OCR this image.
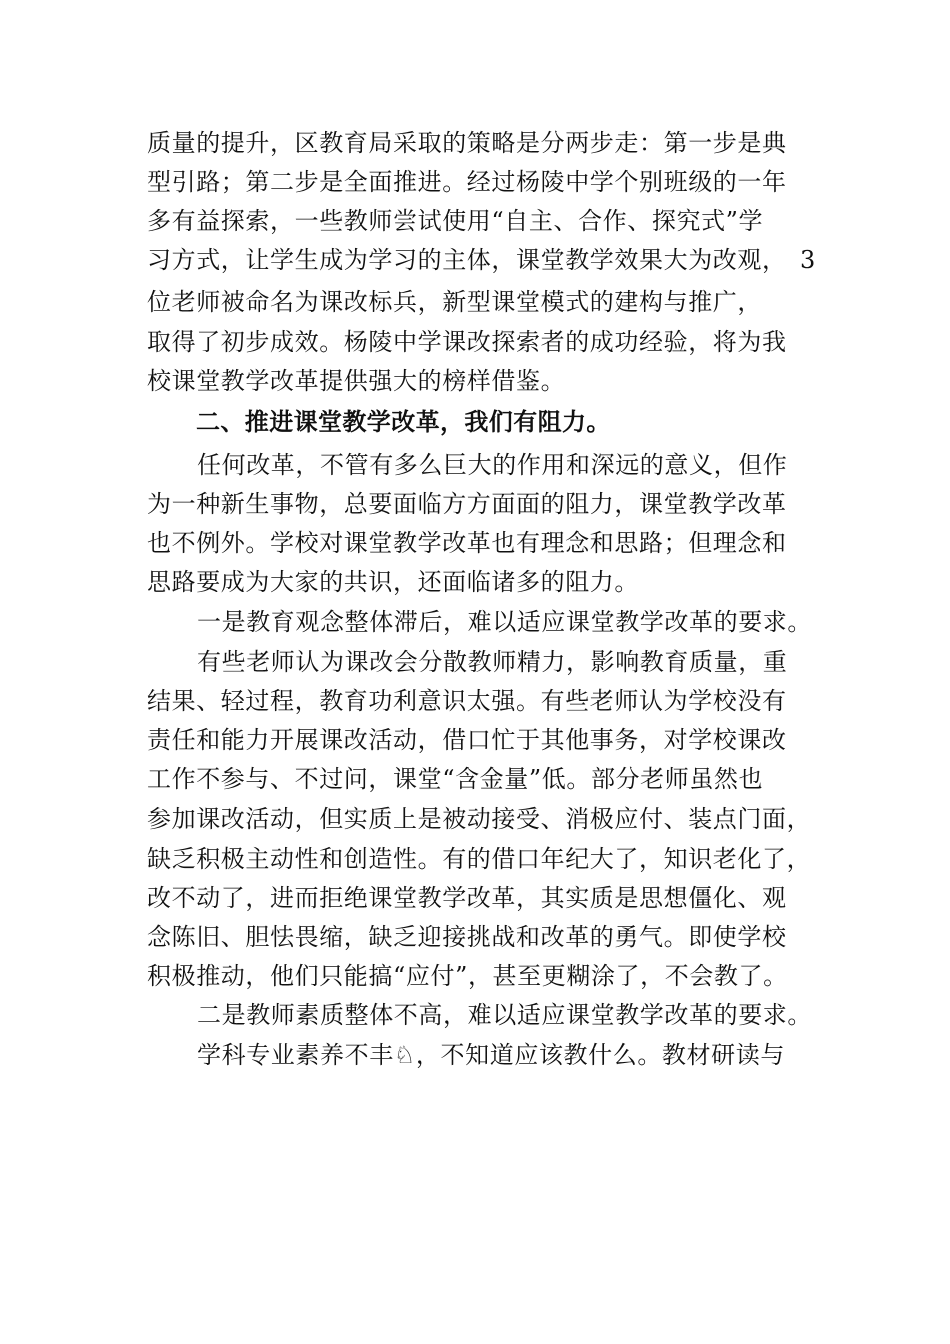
质量的提升，区教育局采取的策略是分两步走：第一步是典
型引路；第二步是全面推进。经过杨陵中学个别班级的一年
多有益探索，一些教师尝试使用“自主、合作、探究式”学
习方式，让学生成为学习的主体，课堂教学效果大为改观， 3
位老师被命名为课改标兵，新型课堂模式的建构与推广，
取得了初步成效。杨陵中学课改探索者的成功经验，将为我
校课堂教学改革提供强大的榜样借鉴。
二、推进课堂教学改革，我们有阻力。
任何改革，不管有多么巨大的作用和深远的意义，但作
为一种新生事物，总要面临方方面面的阻力，课堂教学改革
也不例外。学校对课堂教学改革也有理念和思路；但理念和
思路要成为大家的共识，还面临诸多的阻力。
一是教育观念整体滞后，难以适应课堂教学改革的要求。
有些老师认为课改会分散教师精力，影响教育质量，重
结果、轻过程，教育功利意识太强。有些老师认为学校没有
责任和能力开展课改活动，借口忙于其他事务，对学校课改
工作不参与、不过问，课堂“含金量”低。部分老师虽然也
参加课改活动，但实质上是被动接受、消极应付、装点门面，
缺乏积极主动性和创造性。有的借口年纪大了，知识老化了，
改不动了，进而拒绝课堂教学改革，其实质是思想僵化、观
念陈旧、胆怯畏缩，缺乏迎接挑战和改革的勇气。即使学校
积极推动，他们只能搞“应付”，甚至更糊涂了，不会教了。
二是教师素质整体不高，难以适应课堂教学改革的要求。
学科专业素养不丰♘，不知道应该教什么。教材研读与
